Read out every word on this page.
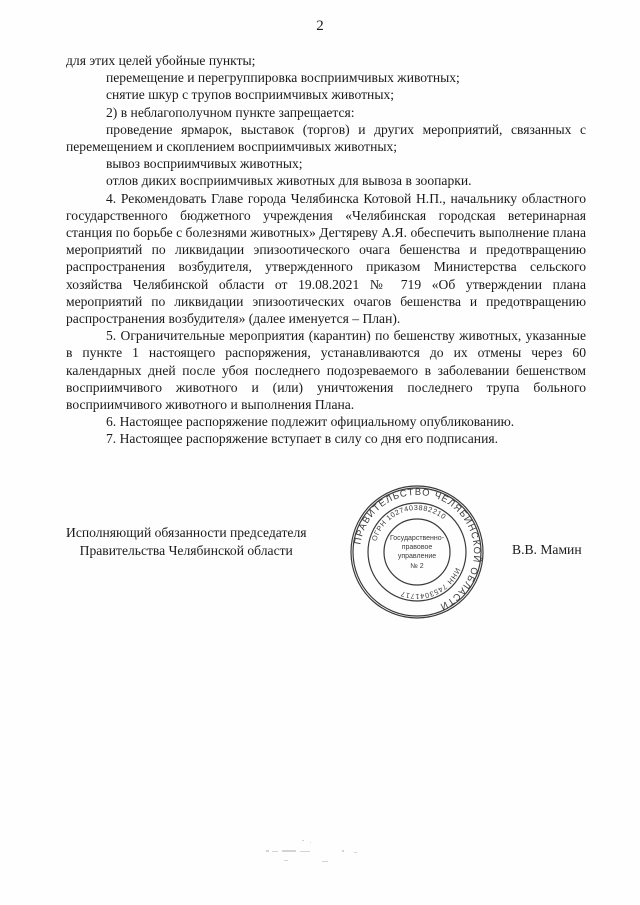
2

для этих целей убойные пункты;

перемещение и перегруппировка восприимчивых животных;

снятие шкур с трупов восприимчивых животных;

2) в неблагополучном пункте запрещается:

проведение ярмарок, выставок (торгов) и других мероприятий, связанных с перемещением и скоплением восприимчивых животных;

вывоз восприимчивых животных;

отлов диких восприимчивых животных для вывоза в зоопарки.

4. Рекомендовать Главе города Челябинска Котовой Н.П., начальнику областного государственного бюджетного учреждения «Челябинская городская ветеринарная станция по борьбе с болезнями животных» Дегтяреву А.Я. обеспечить выполнение плана мероприятий по ликвидации эпизоотического очага бешенства и предотвращению распространения возбудителя, утвержденного приказом Министерства сельского хозяйства Челябинской области от 19.08.2021 № 719 «Об утверждении плана мероприятий по ликвидации эпизоотических очагов бешенства и предотвращению распространения возбудителя» (далее именуется – План).

5. Ограничительные мероприятия (карантин) по бешенству животных, указанные в пункте 1 настоящего распоряжения, устанавливаются до их отмены через 60 календарных дней после убоя последнего подозреваемого в заболевании бешенством восприимчивого животного и (или) уничтожения последнего трупа больного восприимчивого животного и выполнения Плана.

6. Настоящее распоряжение подлежит официальному опубликованию.

7. Настоящее распоряжение вступает в силу со дня его подписания.

Исполняющий обязанности председателя
Правительства Челябинской области
ПРАВИТЕЛЬСТВО ЧЕЛЯБИНСКОЙ ОБЛАСТИ
ОГРН 1027403882210
ИНН 7453041717
Государственно-
правовое
управление
№ 2
В.В. Мамин
